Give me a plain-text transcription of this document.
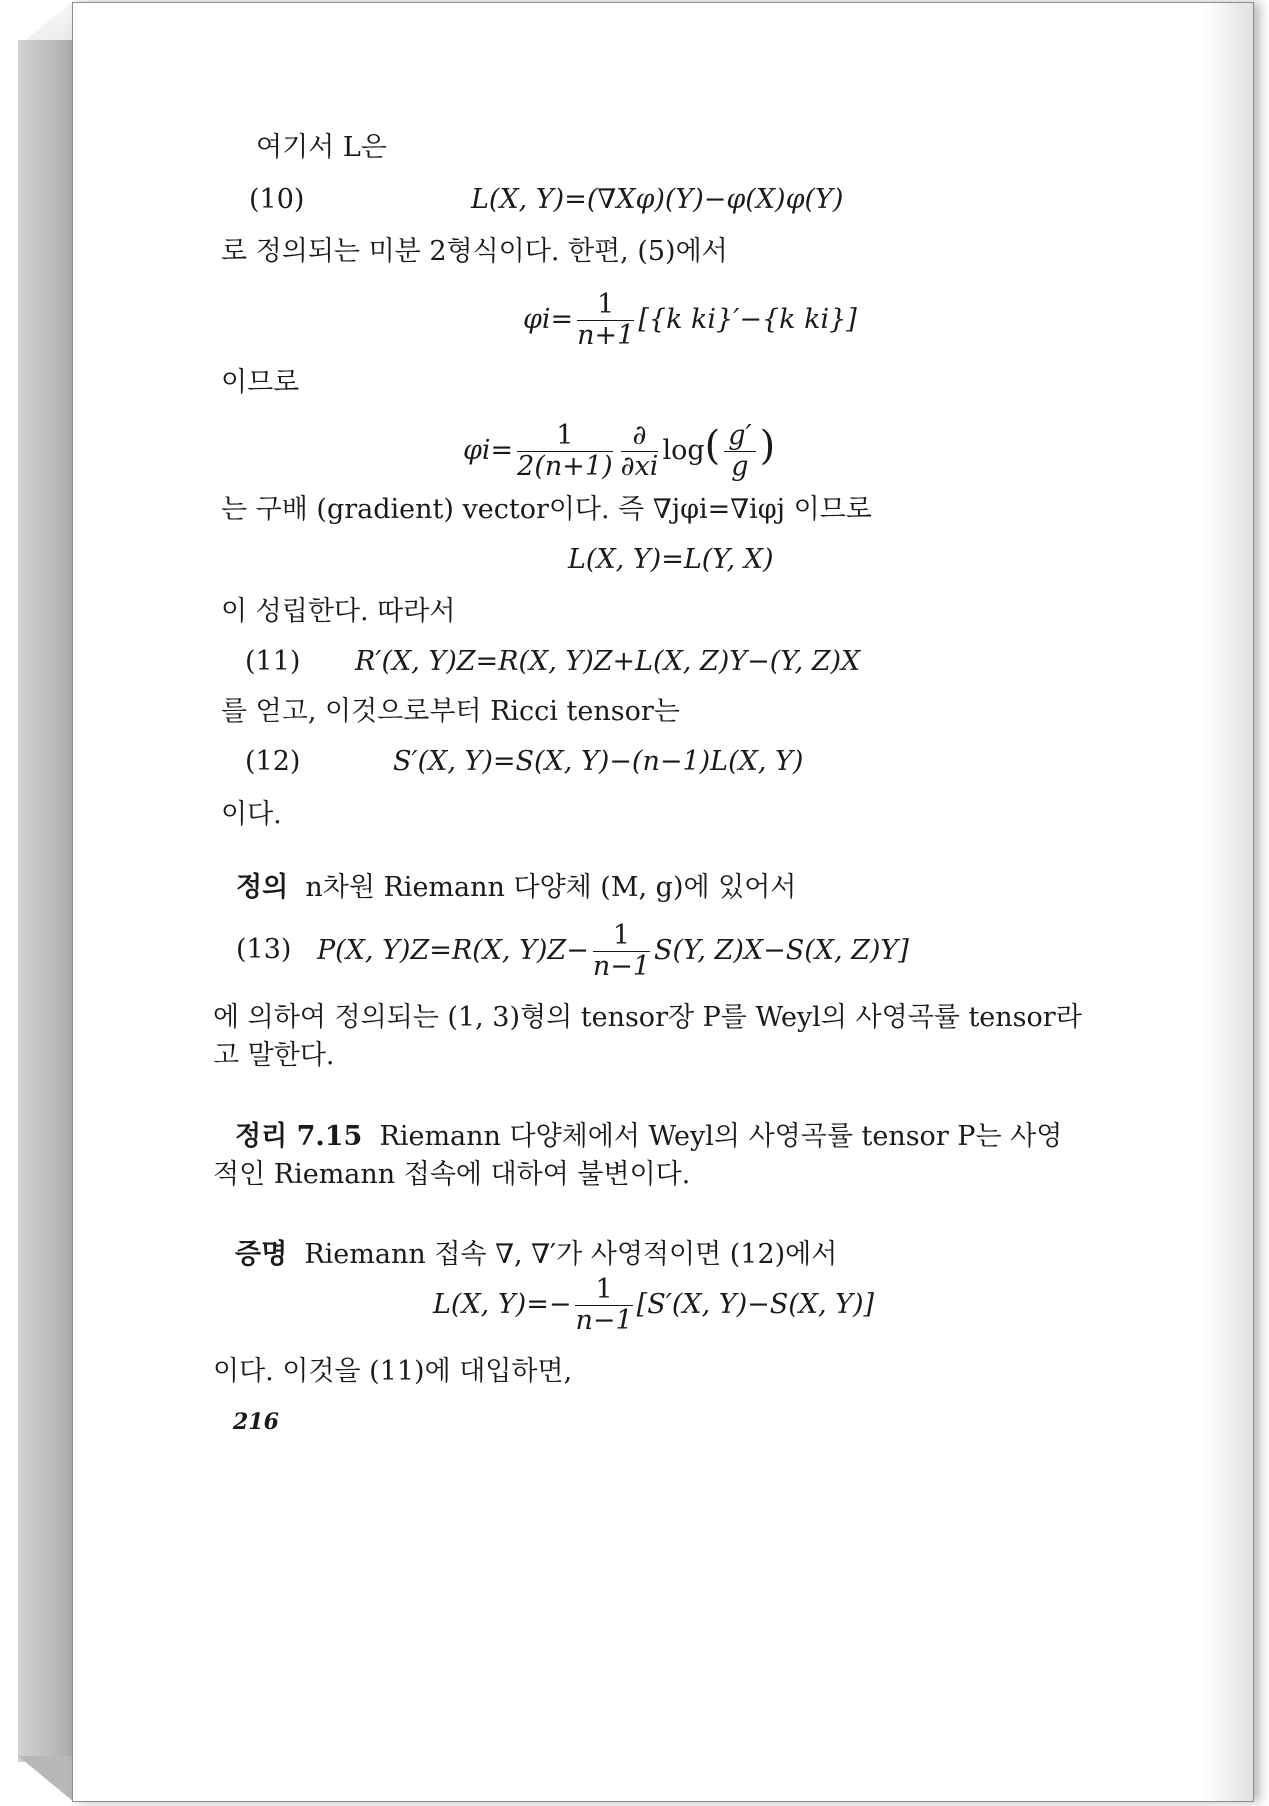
여기서 L은
(10)	L(X, Y)=(∇Xφ)(Y)−φ(X)φ(Y)
로 정의되는 미분 2형식이다. 한편, (5)에서
$\varphi i= \frac{1}{n+1} [\{k$ ki}′−{k ki}]
이므로
$\varphi i= \frac{1}{2(n+1)} \frac{\partial}{\partial xi} \log( \frac{g'}{g}$ )
는 구배 (gradient) vector이다. 즉 ∇jφi=∇iφj 이므로
L(X, Y)=L(Y, X)
이 성립한다. 따라서
(11) R′(X, Y)Z=R(X, Y)Z+L(X, Z)Y−(Y, Z)X
를 얻고, 이것으로부터 Ricci tensor는
(12)	S′(X, Y)=S(X, Y)−(n−1)L(X, Y)
이다.
정의 n차원 Riemann 다양체 (M, g)에 있어서
(13) P(X, Y)Z=R(X, $Y)Z- \frac{1}{n-1} S(Y$, Z)X−S(X, Z)Y]
에 의하여 정의되는 (1, 3)형의 tensor장 P를 Weyl의 사영곡률 tensor라
고 말한다.
정리 7.15 Riemann 다양체에서 Weyl의 사영곡률 tensor P는 사영
적인 Riemann 접속에 대하여 불변이다.
증명 Riemann 접속 ∇, ∇′가 사영적이면 (12)에서
L(X, $Y)=- \frac{1}{n-1} [S'(X$, Y)−S(X, Y)]
이다. 이것을 (11)에 대입하면,
216
